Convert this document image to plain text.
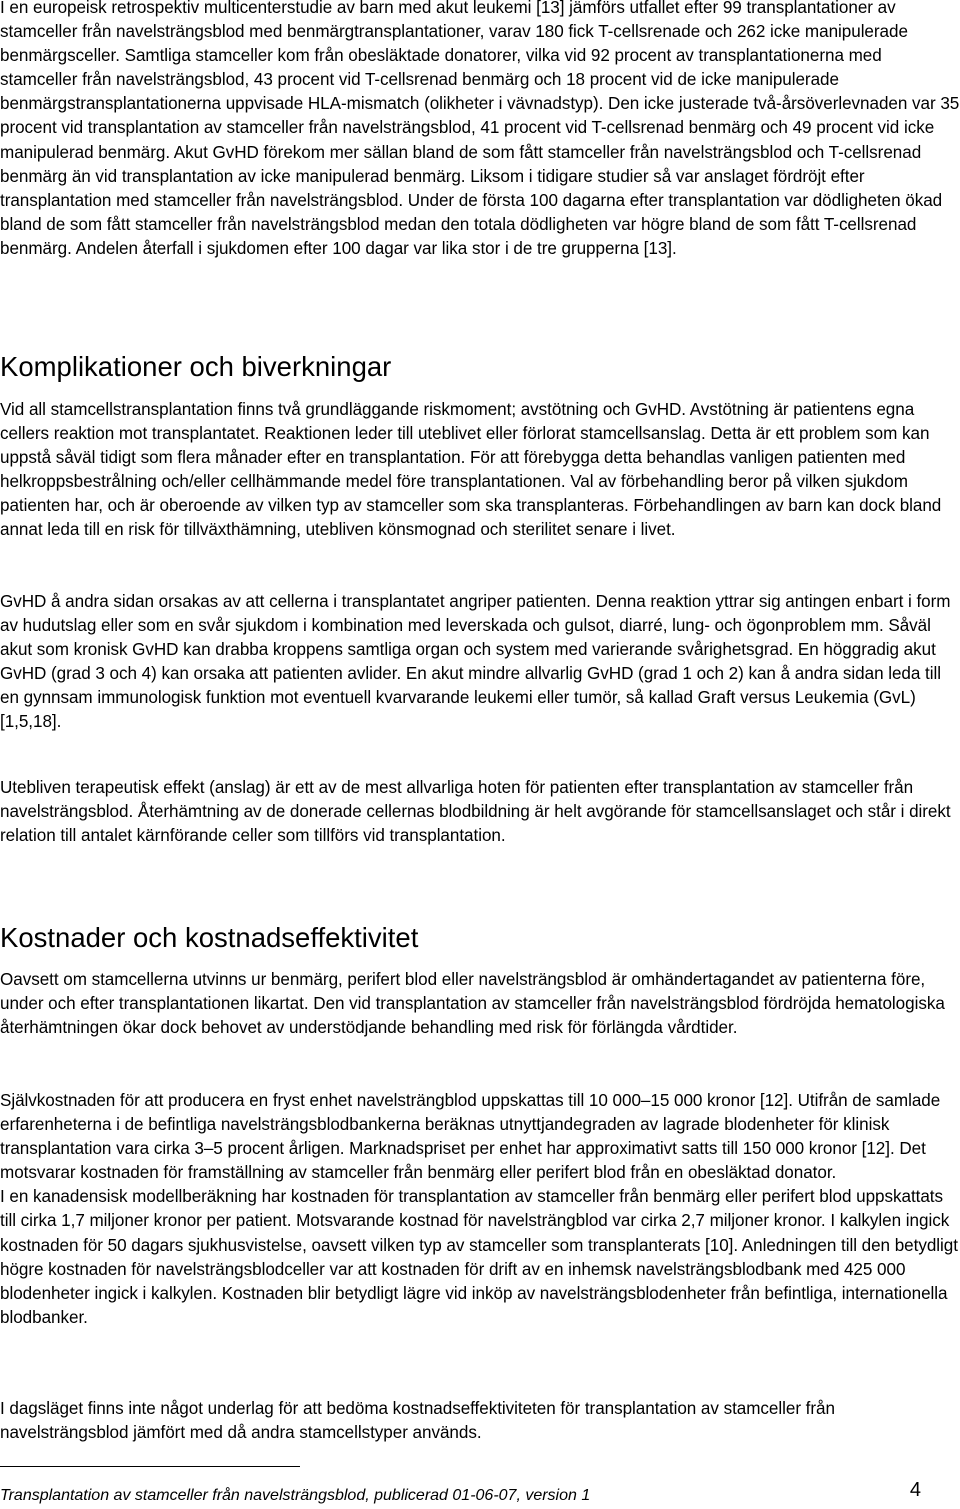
I en europeisk retrospektiv multicenterstudie av barn med akut leukemi [13] jämförs utfallet efter 99 transplantationer av stamceller från navelsträngsblod med benmärgtransplantationer, varav 180 fick T-cellsrenade och 262 icke manipulerade benmärgsceller. Samtliga stamceller kom från obesläktade donatorer, vilka vid 92 procent av transplantationerna med stamceller från navelsträngsblod, 43 procent vid T-cellsrenad benmärg och 18 procent vid de icke manipulerade benmärgstransplantationerna uppvisade HLA-mismatch (olikheter i vävnadstyp). Den icke justerade två-årsöverlevnaden var 35 procent vid transplantation av stamceller från navelsträngsblod, 41 procent vid T-cellsrenad benmärg och 49 procent vid icke manipulerad benmärg. Akut GvHD förekom mer sällan bland de som fått stamceller från navelsträngsblod och T-cellsrenad benmärg än vid transplantation av icke manipulerad benmärg. Liksom i tidigare studier så var anslaget fördröjt efter transplantation med stamceller från navelsträngsblod. Under de första 100 dagarna efter transplantation var dödligheten ökad bland de som fått stamceller från navelsträngsblod medan den totala dödligheten var högre bland de som fått T-cellsrenad benmärg. Andelen återfall i sjukdomen efter 100 dagar var lika stor i de tre grupperna [13].

Komplikationer och biverkningar

Vid all stamcellstransplantation finns två grundläggande riskmoment; avstötning och GvHD. Avstötning är patientens egna cellers reaktion mot transplantatet. Reaktionen leder till uteblivet eller förlorat stamcellsanslag. Detta är ett problem som kan uppstå såväl tidigt som flera månader efter en transplantation. För att förebygga detta behandlas vanligen patienten med helkroppsbestrålning och/eller cellhämmande medel före transplantationen. Val av förbehandling beror på vilken sjukdom patienten har, och är oberoende av vilken typ av stamceller som ska transplanteras. Förbehandlingen av barn kan dock bland annat leda till en risk för tillväxthämning, utebliven könsmognad och sterilitet senare i livet.

GvHD å andra sidan orsakas av att cellerna i transplantatet angriper patienten. Denna reaktion yttrar sig antingen enbart i form av hudutslag eller som en svår sjukdom i kombination med leverskada och gulsot, diarré, lung- och ögonproblem mm. Såväl akut som kronisk GvHD kan drabba kroppens samtliga organ och system med varierande svårighetsgrad. En höggradig akut GvHD (grad 3 och 4) kan orsaka att patienten avlider. En akut mindre allvarlig GvHD (grad 1 och 2) kan å andra sidan leda till en gynnsam immunologisk funktion mot eventuell kvarvarande leukemi eller tumör, så kallad Graft versus Leukemia (GvL) [1,5,18].

Utebliven terapeutisk effekt (anslag) är ett av de mest allvarliga hoten för patienten efter transplantation av stamceller från navelsträngsblod. Återhämtning av de donerade cellernas blodbildning är helt avgörande för stamcellsanslaget och står i direkt relation till antalet kärnförande celler som tillförs vid transplantation.

Kostnader och kostnadseffektivitet

Oavsett om stamcellerna utvinns ur benmärg, perifert blod eller navelsträngsblod är omhändertagandet av patienterna före, under och efter transplantationen likartat. Den vid transplantation av stamceller från navelsträngsblod fördröjda hematologiska återhämtningen ökar dock behovet av understödjande behandling med risk för förlängda vårdtider.

Självkostnaden för att producera en fryst enhet navelsträngblod uppskattas till 10 000–15 000 kronor [12]. Utifrån de samlade erfarenheterna i de befintliga navelsträngsblodbankerna beräknas utnyttjandegraden av lagrade blodenheter för klinisk transplantation vara cirka 3–5 procent årligen. Marknadspriset per enhet har approximativt satts till 150 000 kronor [12]. Det motsvarar kostnaden för framställning av stamceller från benmärg eller perifert blod från en obesläktad donator.

I en kanadensisk modellberäkning har kostnaden för transplantation av stamceller från benmärg eller perifert blod uppskattats till cirka 1,7 miljoner kronor per patient. Motsvarande kostnad för navelsträngblod var cirka 2,7 miljoner kronor. I kalkylen ingick kostnaden för 50 dagars sjukhusvistelse, oavsett vilken typ av stamceller som transplanterats [10]. Anledningen till den betydligt högre kostnaden för navelsträngsblodceller var att kostnaden för drift av en inhemsk navelsträngsblodbank med 425 000 blodenheter ingick i kalkylen. Kostnaden blir betydligt lägre vid inköp av navelsträngsblodenheter från befintliga, internationella blodbanker.

I dagsläget finns inte något underlag för att bedöma kostnadseffektiviteten för transplantation av stamceller från navelsträngsblod jämfört med då andra stamcellstyper används.

Transplantation av stamceller från navelsträngsblod, publicerad 01-06-07, version 1	4
